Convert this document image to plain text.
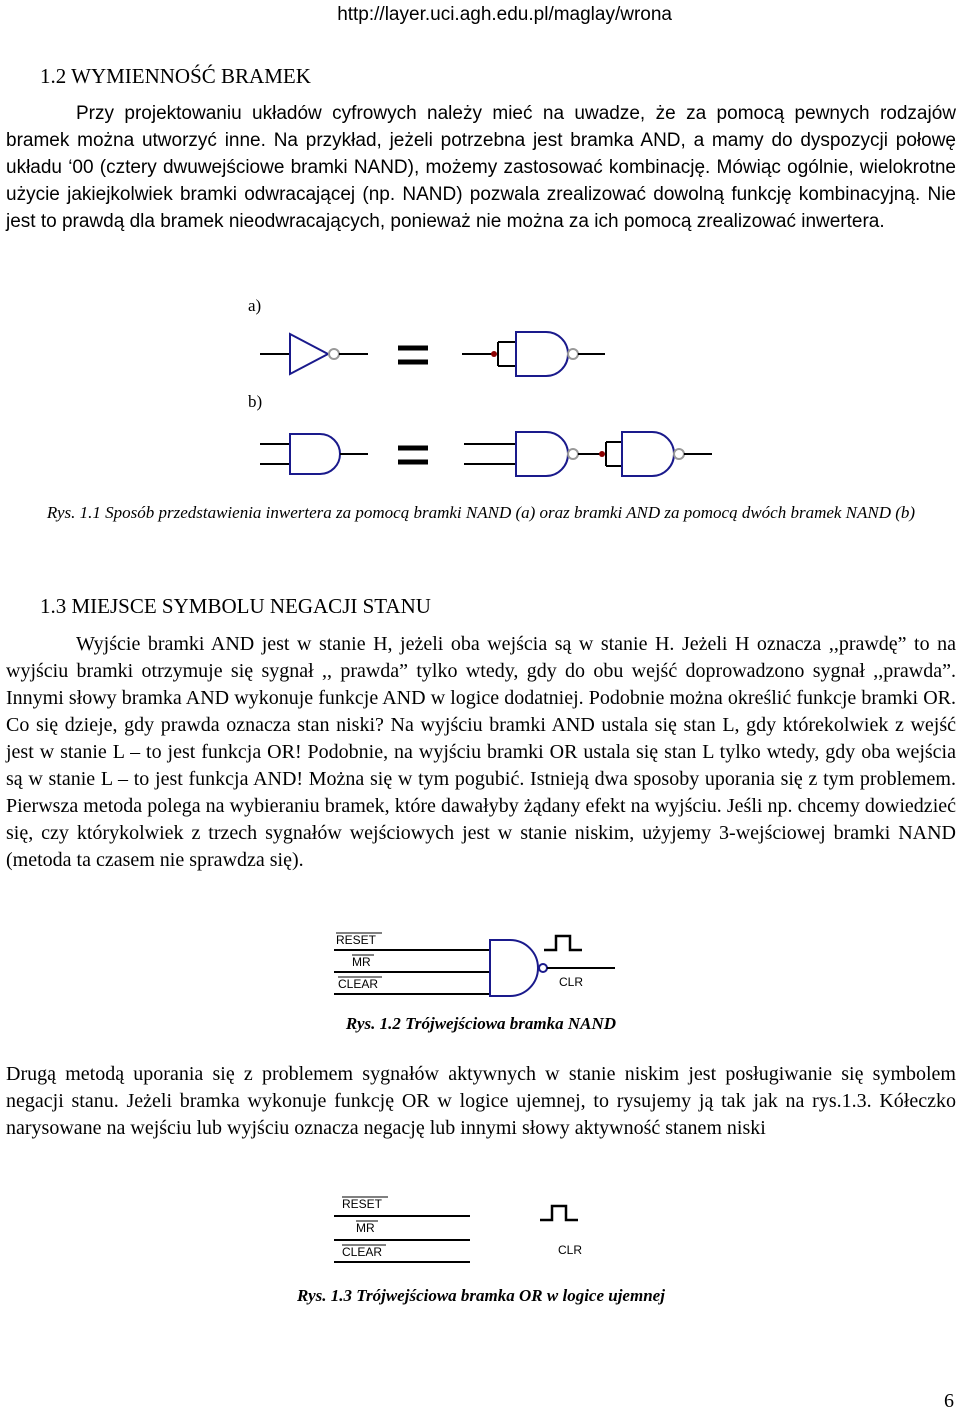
http://layer.uci.agh.edu.pl/maglay/wrona
1.2 WYMIENNOŚĆ BRAMEK
Przy projektowaniu układów cyfrowych należy mieć na uwadze, że za pomocą pewnych rodzajów bramek można utworzyć inne. Na przykład, jeżeli potrzebna jest bramka AND, a mamy do dyspozycji połowę układu ‘00 (cztery dwuwejściowe bramki NAND), możemy zastosować kombinację. Mówiąc ogólnie, wielokrotne użycie jakiejkolwiek bramki odwracającej (np. NAND) pozwala zrealizować dowolną funkcję kombinacyjną. Nie jest to prawdą dla bramek nieodwracających, ponieważ nie można za ich pomocą zrealizować inwertera.
a)
b)
Rys. 1.1 Sposób przedstawienia inwertera za pomocą bramki NAND (a) oraz bramki AND za pomocą dwóch bramek NAND (b)
1.3 MIEJSCE SYMBOLU NEGACJI STANU
Wyjście bramki AND jest w stanie H, jeżeli oba wejścia są w stanie H. Jeżeli H oznacza ,,prawdę” to na wyjściu bramki otrzymuje się sygnał ,, prawda” tylko wtedy, gdy do obu wejść doprowadzono sygnał ,,prawda”. Innymi słowy bramka AND wykonuje funkcje AND w logice dodatniej. Podobnie można określić funkcje bramki OR. Co się dzieje, gdy prawda oznacza stan niski? Na wyjściu bramki AND ustala się stan L, gdy którekolwiek z wejść jest w stanie L – to jest funkcja OR! Podobnie, na wyjściu bramki OR ustala się stan L tylko wtedy, gdy oba wejścia są w stanie L – to jest funkcja AND! Można się w tym pogubić. Istnieją dwa sposoby uporania się z tym problemem. Pierwsza metoda polega na wybieraniu bramek, które dawałyby żądany efekt na wyjściu. Jeśli np. chcemy dowiedzieć się, czy którykolwiek z trzech sygnałów wejściowych jest w stanie niskim, użyjemy 3-wejściowej bramki NAND (metoda ta czasem nie sprawdza się).
RESET
MR
CLEAR	CLR
Rys. 1.2 Trójwejściowa bramka NAND
Drugą metodą uporania się z problemem sygnałów aktywnych w stanie niskim jest posługiwanie się symbolem negacji stanu. Jeżeli bramka wykonuje funkcję OR w logice ujemnej, to rysujemy ją tak jak na rys.1.3. Kółeczko narysowane na wejściu lub wyjściu oznacza negację lub innymi słowy aktywność stanem niski
RESET
MR
CLEAR	CLR
Rys. 1.3 Trójwejściowa bramka OR w logice ujemnej
6
